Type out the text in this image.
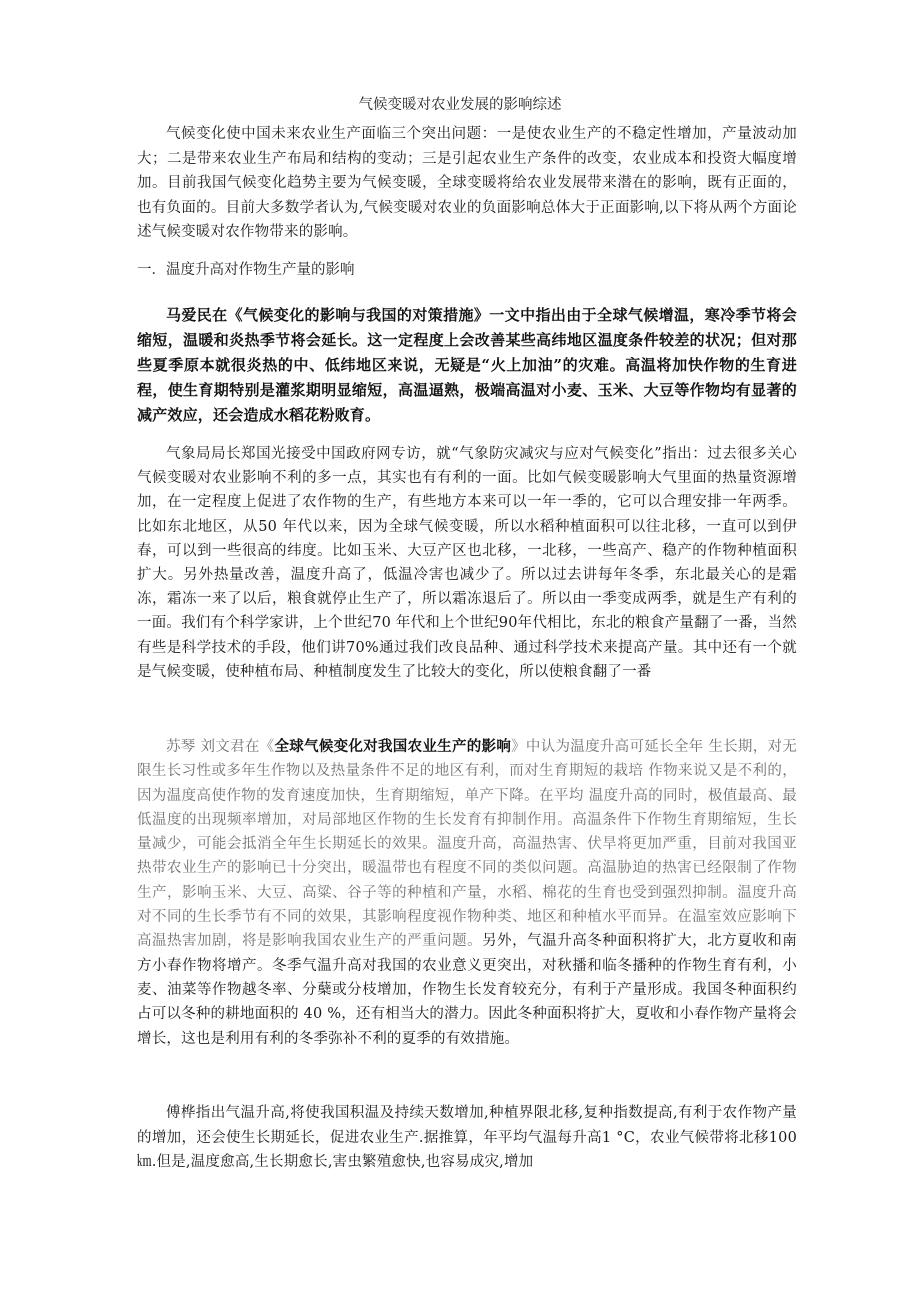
气候变暖对农业发展的影响综述

气候变化使中国未来农业生产面临三个突出问题：一是使农业生产的不稳定性增加，产量波动加大；二是带来农业生产布局和结构的变动；三是引起农业生产条件的改变，农业成本和投资大幅度增加。目前我国气候变化趋势主要为气候变暖，全球变暖将给农业发展带来潜在的影响，既有正面的，也有负面的。目前大多数学者认为,气候变暖对农业的负面影响总体大于正面影响,以下将从两个方面论述气候变暖对农作物带来的影响。

一．温度升高对作物生产量的影响

马爱民在《气候变化的影响与我国的对策措施》一文中指出由于全球气候增温，寒冷季节将会缩短，温暖和炎热季节将会延长。这一定程度上会改善某些高纬地区温度条件较差的状况；但对那些夏季原本就很炎热的中、低纬地区来说，无疑是“火上加油”的灾难。高温将加快作物的生育进程，使生育期特别是灌浆期明显缩短，高温逼熟，极端高温对小麦、玉米、大豆等作物均有显著的减产效应，还会造成水稻花粉败育。

气象局局长郑国光接受中国政府网专访，就“气象防灾减灾与应对气候变化”指出：过去很多关心气候变暖对农业影响不利的多一点，其实也有有利的一面。比如气候变暖影响大气里面的热量资源增加，在一定程度上促进了农作物的生产，有些地方本来可以一年一季的，它可以合理安排一年两季。比如东北地区，从50 年代以来，因为全球气候变暖，所以水稻种植面积可以往北移，一直可以到伊春，可以到一些很高的纬度。比如玉米、大豆产区也北移，一北移，一些高产、稳产的作物种植面积扩大。另外热量改善，温度升高了，低温冷害也减少了。所以过去讲每年冬季，东北最关心的是霜冻，霜冻一来了以后，粮食就停止生产了，所以霜冻退后了。所以由一季变成两季，就是生产有利的一面。我们有个科学家讲，上个世纪70 年代和上个世纪90年代相比，东北的粮食产量翻了一番，当然有些是科学技术的手段，他们讲70%通过我们改良品种、通过科学技术来提高产量。其中还有一个就是气候变暖，使种植布局、种植制度发生了比较大的变化，所以使粮食翻了一番

苏琴 刘文君在《全球气候变化对我国农业生产的影响》中认为温度升高可延长全年 生长期，对无限生长习性或多年生作物以及热量条件不足的地区有利，而对生育期短的栽培 作物来说又是不利的，因为温度高使作物的发育速度加快，生育期缩短，单产下降。在平均 温度升高的同时，极值最高、最低温度的出现频率增加，对局部地区作物的生长发育有抑制作用。高温条件下作物生育期缩短，生长量减少，可能会抵消全年生长期延长的效果。温度升高，高温热害、伏旱将更加严重，目前对我国亚热带农业生产的影响已十分突出，暖温带也有程度不同的类似问题。高温胁迫的热害已经限制了作物生产，影响玉米、大豆、高粱、谷子等的种植和产量，水稻、棉花的生育也受到强烈抑制。温度升高对不同的生长季节有不同的效果，其影响程度视作物种类、地区和种植水平而异。在温室效应影响下高温热害加剧，将是影响我国农业生产的严重问题。另外，气温升高冬种面积将扩大，北方夏收和南方小春作物将增产。冬季气温升高对我国的农业意义更突出，对秋播和临冬播种的作物生育有利，小麦、油菜等作物越冬率、分蘖或分枝增加，作物生长发育较充分，有利于产量形成。我国冬种面积约占可以冬种的耕地面积的 40 %，还有相当大的潜力。因此冬种面积将扩大，夏收和小春作物产量将会增长，这也是利用有利的冬季弥补不利的夏季的有效措施。

傅桦指出气温升高,将使我国积温及持续天数增加,种植界限北移,复种指数提高,有利于农作物产量的增加，还会使生长期延长，促进农业生产.据推算，年平均气温每升高1 °C，农业气候带将北移100㎞.但是,温度愈高,生长期愈长,害虫繁殖愈快,也容易成灾,增加
